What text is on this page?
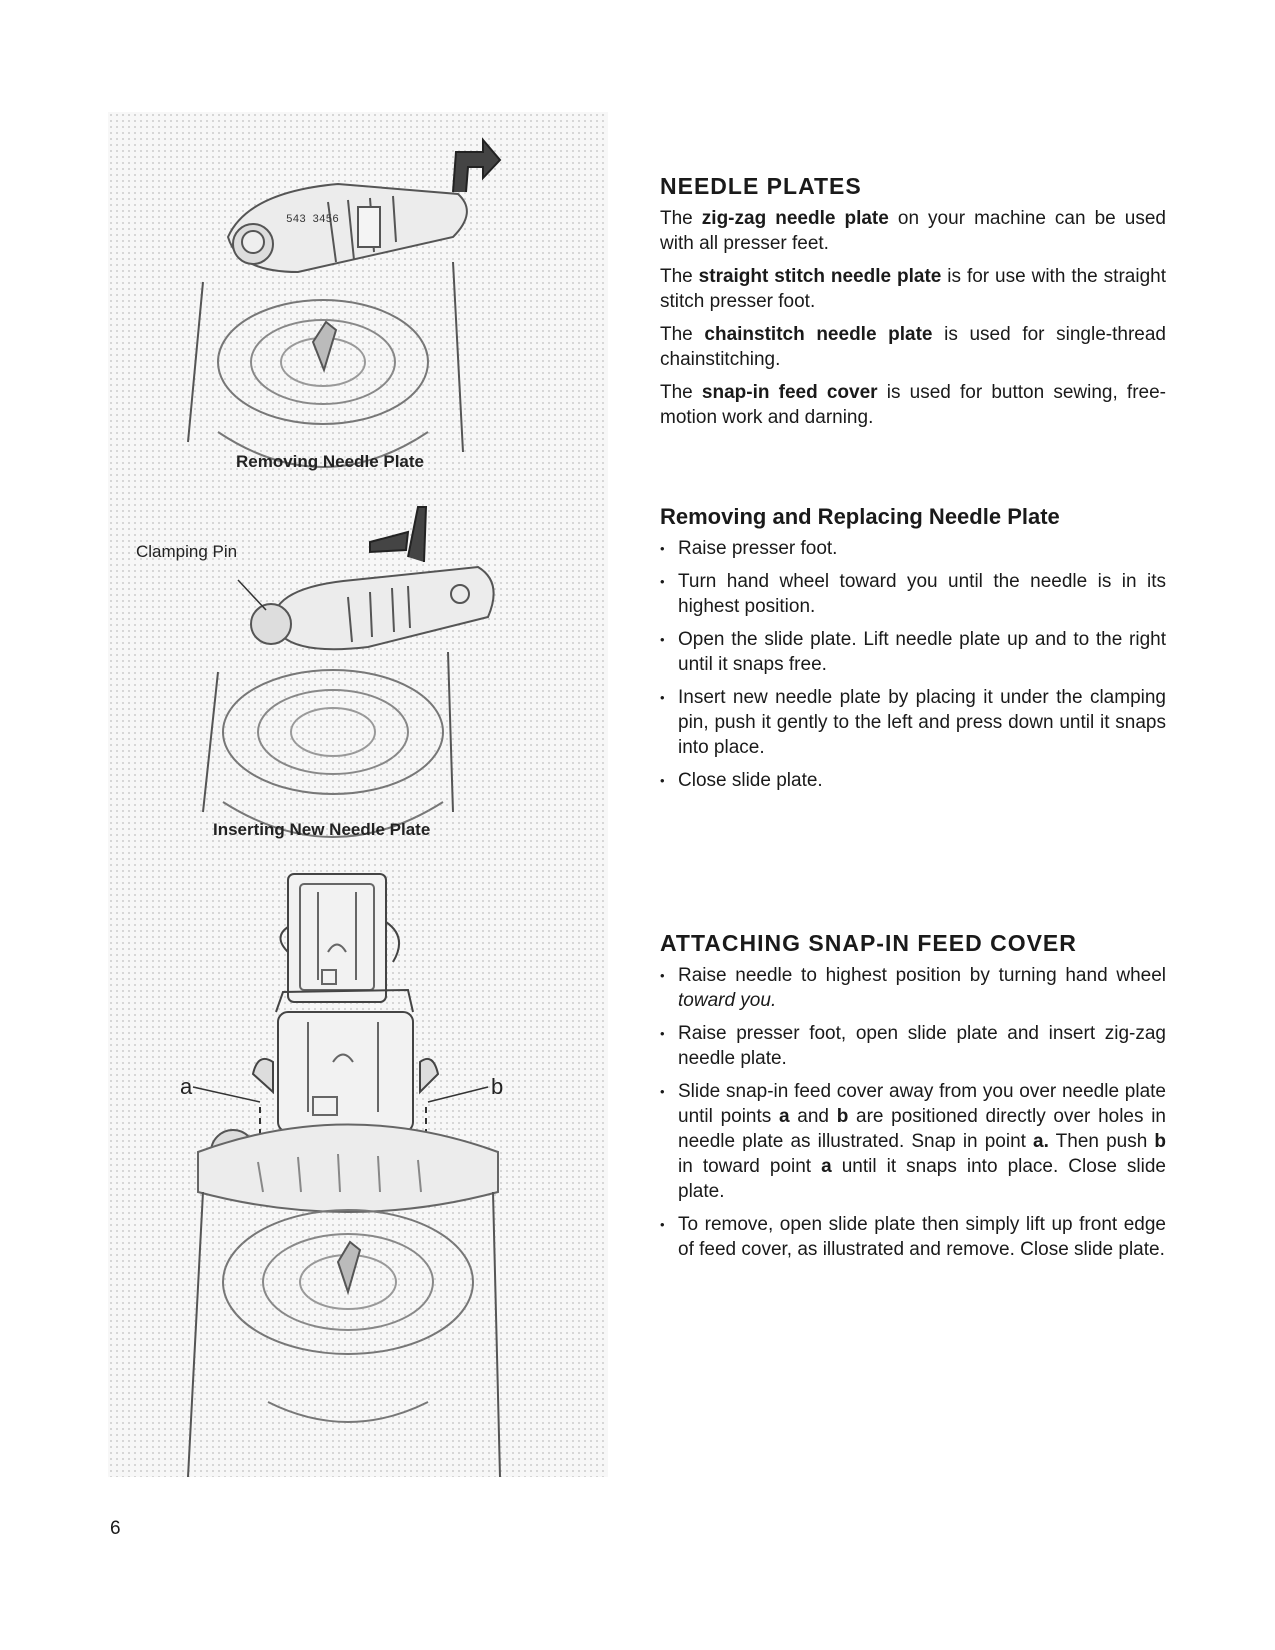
543 3456
Removing Needle Plate
Clamping Pin
Inserting New Needle Plate
a	b
NEEDLE PLATES

The zig-zag needle plate on your machine can be used with all presser feet.

The straight stitch needle plate is for use with the straight stitch presser foot.

The chainstitch needle plate is used for single-thread chainstitching.

The snap-in feed cover is used for button sewing, free-motion work and darning.

Removing and Replacing Needle Plate
• Raise presser foot.
• Turn hand wheel toward you until the needle is in its highest position.
• Open the slide plate. Lift needle plate up and to the right until it snaps free.
• Insert new needle plate by placing it under the clamping pin, push it gently to the left and press down until it snaps into place.
• Close slide plate.
ATTACHING SNAP-IN FEED COVER
• Raise needle to highest position by turning hand wheel toward you.
• Raise presser foot, open slide plate and insert zig-zag needle plate.
• Slide snap-in feed cover away from you over needle plate until points a and b are positioned directly over holes in needle plate as illustrated. Snap in point a. Then push b in toward point a until it snaps into place. Close slide plate.
• To remove, open slide plate then simply lift up front edge of feed cover, as illustrated and remove. Close slide plate.
6
